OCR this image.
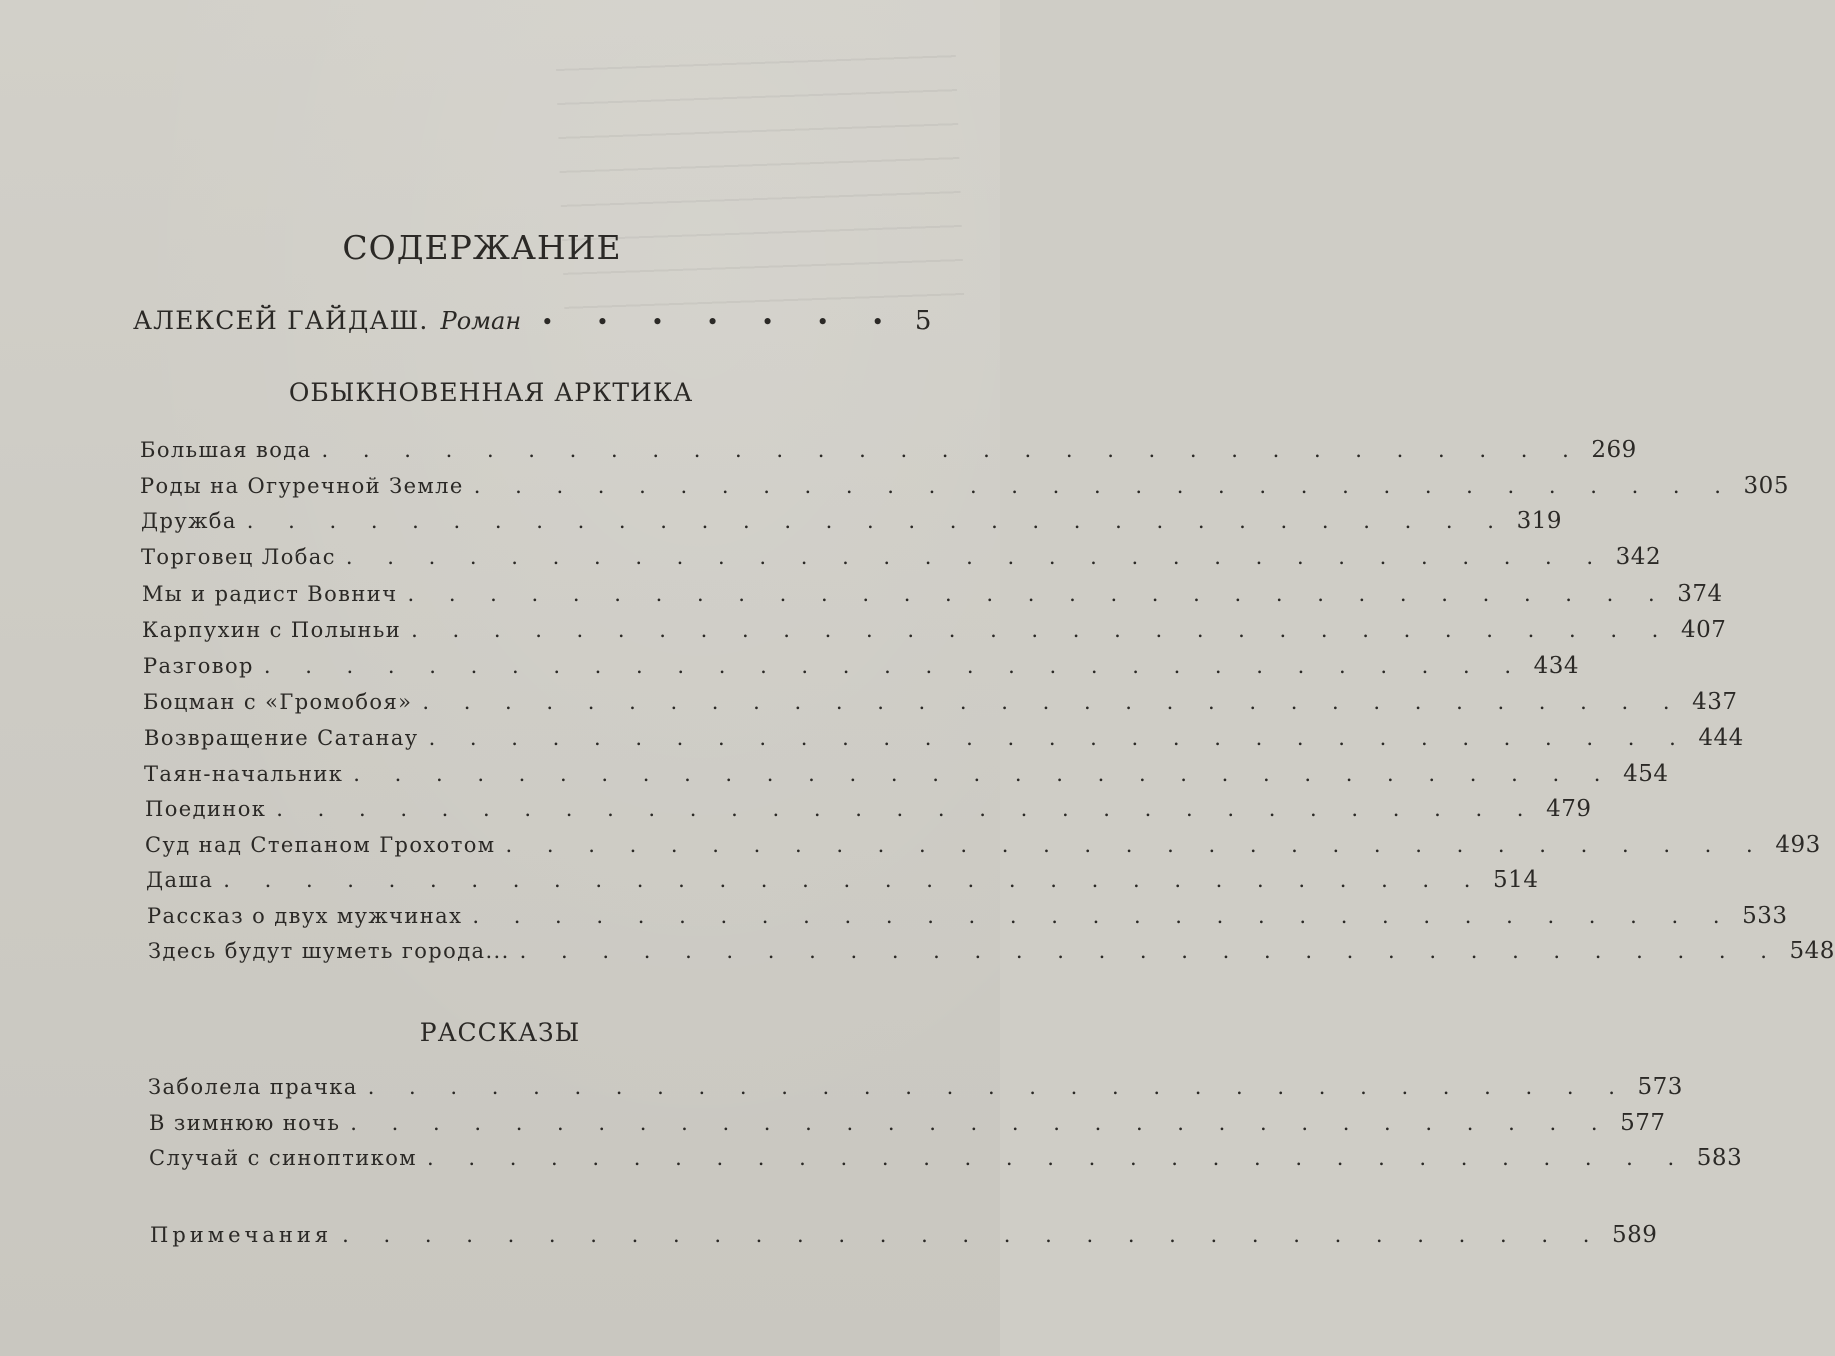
СОДЕРЖАНИЕ
АЛЕКСЕЙ ГАЙДАШ. Роман • • • • • • • 5
ОБЫКНОВЕННАЯ АРКТИКА
Большая вода . . . . . . . . . . . . . . . . . . . . . . . . . . . . . . . 269
Роды на Огуречной Земле . . . . . . . . . . . . . . . . . . . . . . . . . . . . . . . 305
Дружба . . . . . . . . . . . . . . . . . . . . . . . . . . . . . . . 319
Торговец Лобас . . . . . . . . . . . . . . . . . . . . . . . . . . . . . . . 342
Мы и радист Вовнич . . . . . . . . . . . . . . . . . . . . . . . . . . . . . . . 374
Карпухин с Полыньи . . . . . . . . . . . . . . . . . . . . . . . . . . . . . . . 407
Разговор . . . . . . . . . . . . . . . . . . . . . . . . . . . . . . . 434
Боцман с «Громобоя» . . . . . . . . . . . . . . . . . . . . . . . . . . . . . . . 437
Возвращение Сатанау . . . . . . . . . . . . . . . . . . . . . . . . . . . . . . . 444
Таян-начальник . . . . . . . . . . . . . . . . . . . . . . . . . . . . . . . 454
Поединок . . . . . . . . . . . . . . . . . . . . . . . . . . . . . . . 479
Суд над Степаном Грохотом . . . . . . . . . . . . . . . . . . . . . . . . . . . . . . . 493
Даша . . . . . . . . . . . . . . . . . . . . . . . . . . . . . . . 514
Рассказ о двух мужчинах . . . . . . . . . . . . . . . . . . . . . . . . . . . . . . . 533
Здесь будут шуметь города... . . . . . . . . . . . . . . . . . . . . . . . . . . . . . . . 548
РАССКАЗЫ
Заболела прачка . . . . . . . . . . . . . . . . . . . . . . . . . . . . . . . 573
В зимнюю ночь . . . . . . . . . . . . . . . . . . . . . . . . . . . . . . . 577
Случай с синоптиком . . . . . . . . . . . . . . . . . . . . . . . . . . . . . . . 583
Примечания . . . . . . . . . . . . . . . . . . . . . . . . . . . . . . . 589
